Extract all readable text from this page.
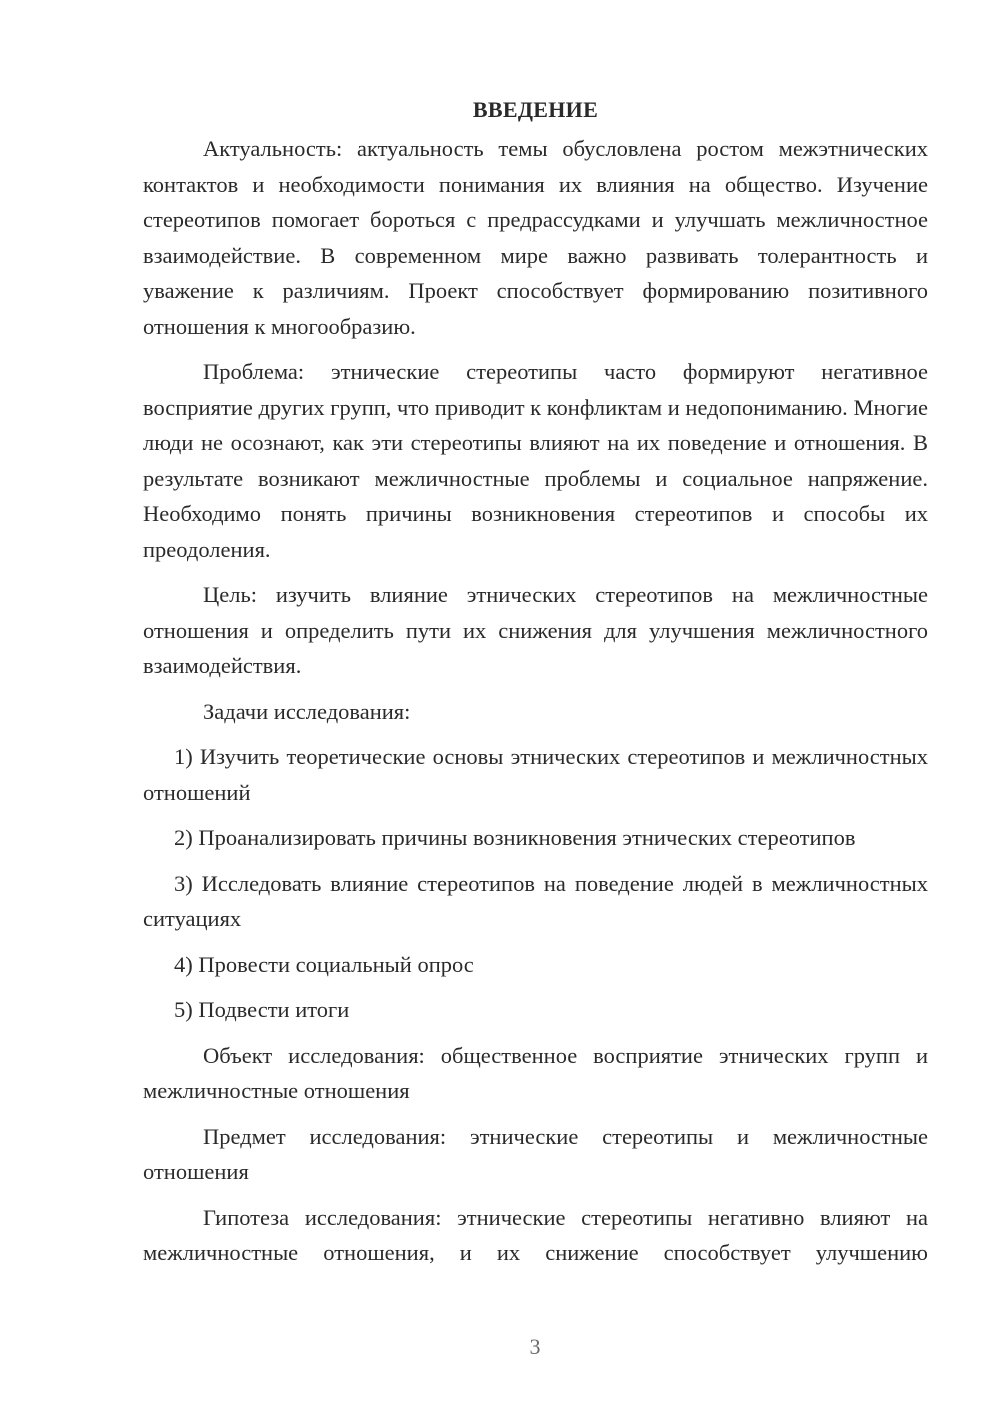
ВВЕДЕНИЕ

Актуальность: актуальность темы обусловлена ростом межэтнических контактов и необходимости понимания их влияния на общество. Изучение стереотипов помогает бороться с предрассудками и улучшать межличностное взаимодействие. В современном мире важно развивать толерантность и уважение к различиям. Проект способствует формированию позитивного отношения к многообразию.

Проблема: этнические стереотипы часто формируют негативное восприятие других групп, что приводит к конфликтам и недопониманию. Многие люди не осознают, как эти стереотипы влияют на их поведение и отношения. В результате возникают межличностные проблемы и социальное напряжение. Необходимо понять причины возникновения стереотипов и способы их преодоления.

Цель: изучить влияние этнических стереотипов на межличностные отношения и определить пути их снижения для улучшения межличностного взаимодействия.

Задачи исследования:

1) Изучить теоретические основы этнических стереотипов и межличностных отношений

2) Проанализировать причины возникновения этнических стереотипов

3) Исследовать влияние стереотипов на поведение людей в межличностных ситуациях

4) Провести социальный опрос

5) Подвести итоги

Объект исследования: общественное восприятие этнических групп и межличностные отношения

Предмет исследования: этнические стереотипы и межличностные отношения

Гипотеза исследования: этнические стереотипы негативно влияют на межличностные отношения, и их снижение способствует улучшению

3
